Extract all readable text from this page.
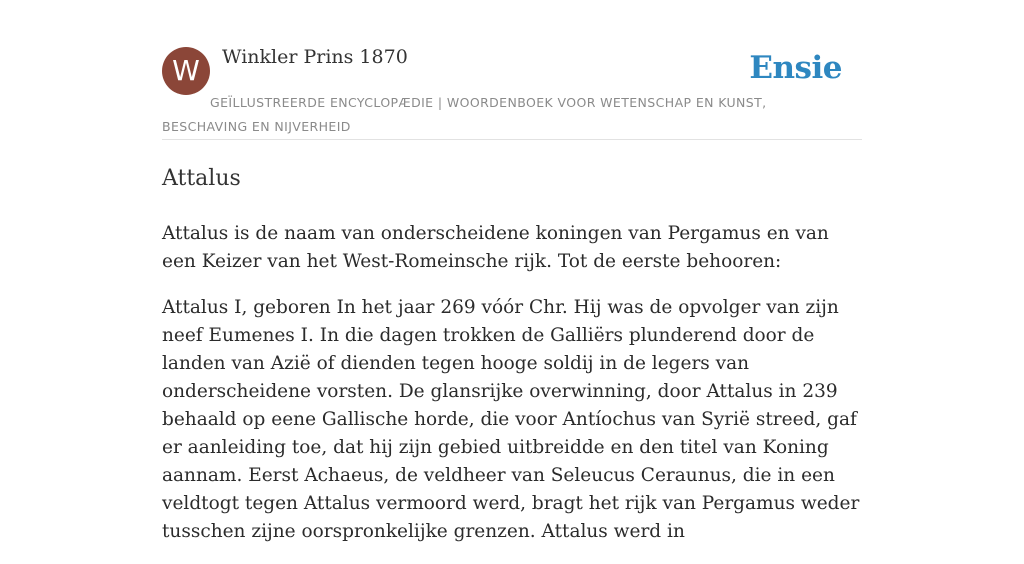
W	Winkler Prins 1870	Ensie
GEÏLLUSTREERDE ENCYCLOPÆDIE | WOORDENBOEK VOOR WETENSCHAP EN KUNST, BESCHAVING EN NIJVERHEID
Attalus

Attalus is de naam van onderscheidene koningen van Pergamus en van een Keizer van het West-Romeinsche rijk. Tot de eerste behooren:

Attalus I, geboren In het jaar 269 vóór Chr. Hij was de opvolger van zijn neef Eumenes I. In die dagen trokken de Galliërs plunderend door de landen van Azië of dienden tegen hooge soldij in de legers van onderscheidene vorsten. De glansrijke overwinning, door Attalus in 239 behaald op eene Gallische horde, die voor Antíochus van Syrië streed, gaf er aanleiding toe, dat hij zijn gebied uitbreidde en den titel van Koning aannam. Eerst Achaeus, de veldheer van Seleucus Ceraunus, die in een veldtogt tegen Attalus vermoord werd, bragt het rijk van Pergamus weder tusschen zijne oorspronkelijke grenzen. Attalus werd in
